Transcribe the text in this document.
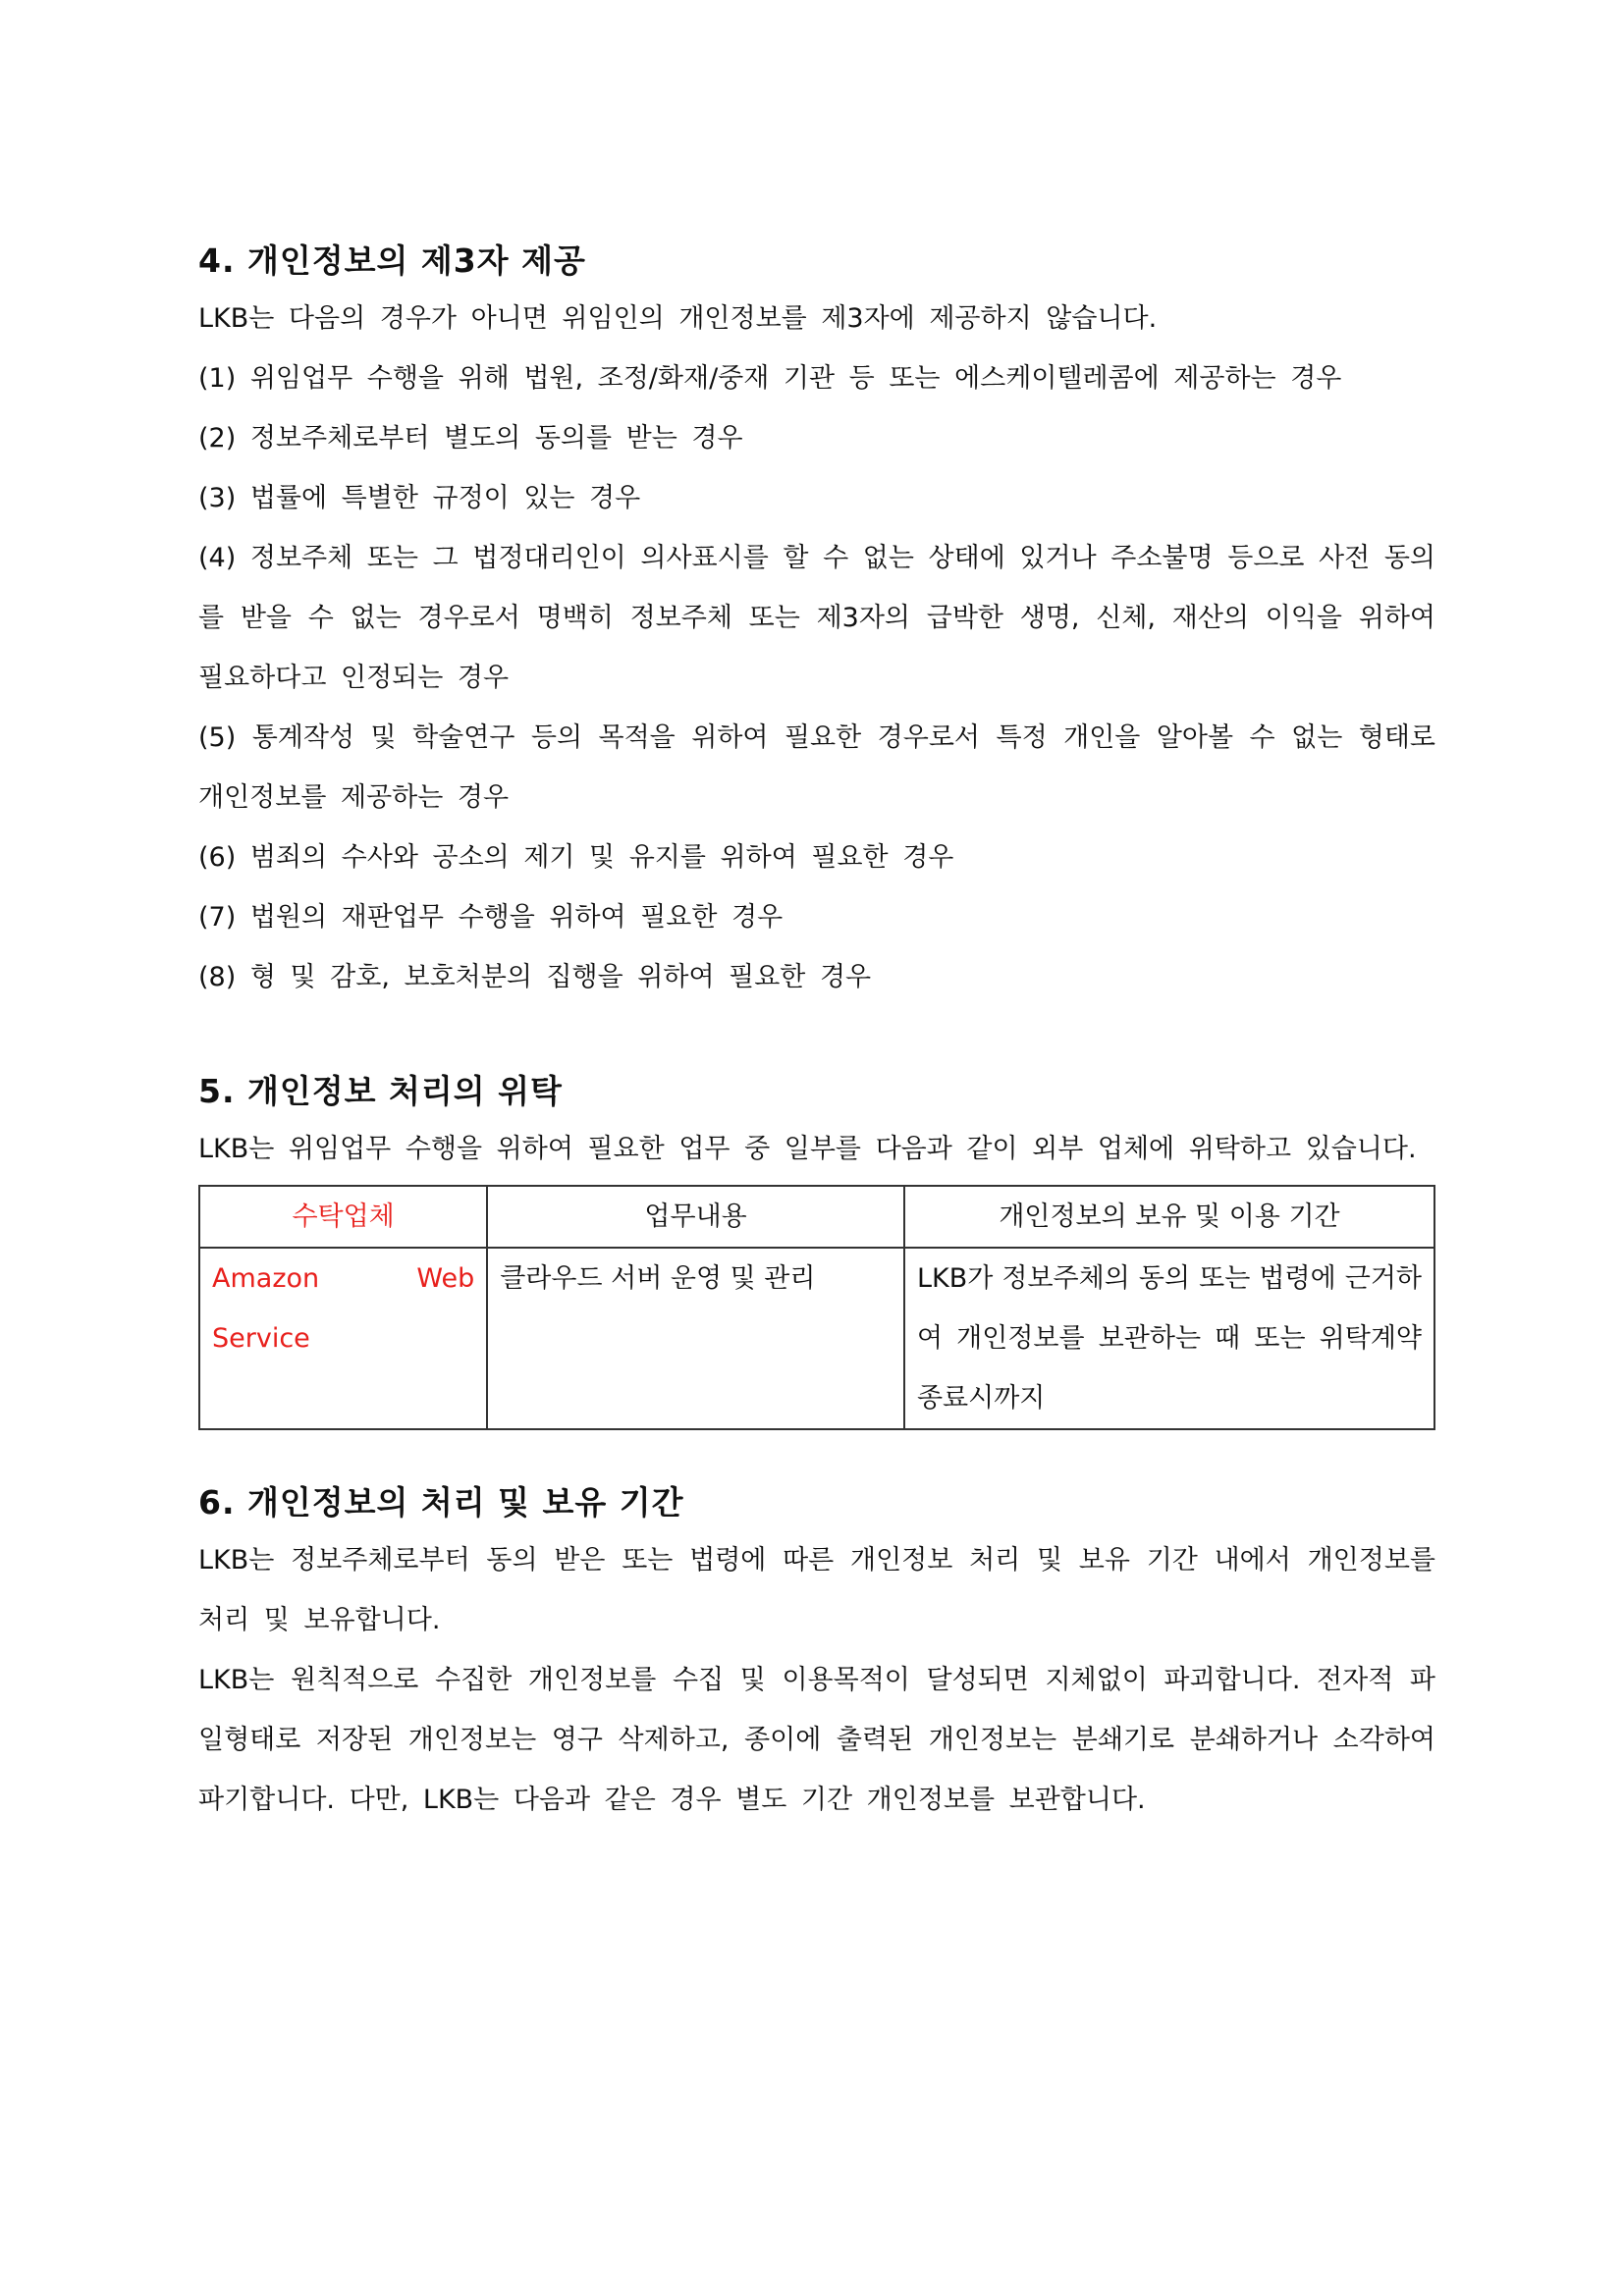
4. 개인정보의 제3자 제공

LKB는 다음의 경우가 아니면 위임인의 개인정보를 제3자에 제공하지 않습니다.

(1) 위임업무 수행을 위해 법원, 조정/화재/중재 기관 등 또는 에스케이텔레콤에 제공하는 경우

(2) 정보주체로부터 별도의 동의를 받는 경우

(3) 법률에 특별한 규정이 있는 경우

(4) 정보주체 또는 그 법정대리인이 의사표시를 할 수 없는 상태에 있거나 주소불명 등으로 사전 동의를 받을 수 없는 경우로서 명백히 정보주체 또는 제3자의 급박한 생명, 신체, 재산의 이익을 위하여 필요하다고 인정되는 경우

(5) 통계작성 및 학술연구 등의 목적을 위하여 필요한 경우로서 특정 개인을 알아볼 수 없는 형태로 개인정보를 제공하는 경우

(6) 범죄의 수사와 공소의 제기 및 유지를 위하여 필요한 경우

(7) 법원의 재판업무 수행을 위하여 필요한 경우

(8) 형 및 감호, 보호처분의 집행을 위하여 필요한 경우

5. 개인정보 처리의 위탁

LKB는 위임업무 수행을 위하여 필요한 업무 중 일부를 다음과 같이 외부 업체에 위탁하고 있습니다.

수탁업체	업무내용	개인정보의 보유 및 이용 기간
Amazon Web Service	클라우드 서버 운영 및 관리	LKB가 정보주체의 동의 또는 법령에 근거하여 개인정보를 보관하는 때 또는 위탁계약 종료시까지
6. 개인정보의 처리 및 보유 기간

LKB는 정보주체로부터 동의 받은 또는 법령에 따른 개인정보 처리 및 보유 기간 내에서 개인정보를 처리 및 보유합니다.

LKB는 원칙적으로 수집한 개인정보를 수집 및 이용목적이 달성되면 지체없이 파괴합니다. 전자적 파일형태로 저장된 개인정보는 영구 삭제하고, 종이에 출력된 개인정보는 분쇄기로 분쇄하거나 소각하여 파기합니다. 다만, LKB는 다음과 같은 경우 별도 기간 개인정보를 보관합니다.
